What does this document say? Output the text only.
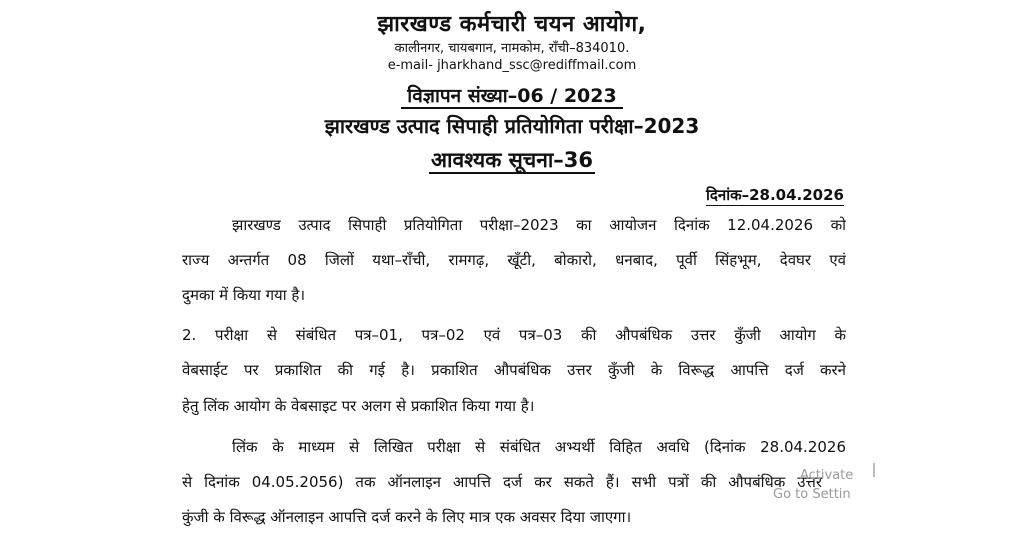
झारखण्ड कर्मचारी चयन आयोग,
कालीनगर, चायबगान, नामकोम, राँची–834010.
e-mail- jharkhand_ssc@rediffmail.com
विज्ञापन संख्या–06 / 2023
झारखण्ड उत्पाद सिपाही प्रतियोगिता परीक्षा–2023
आवश्यक सूचना–36
दिनांक–28.04.2026
झारखण्ड उत्पाद सिपाही प्रतियोगिता परीक्षा–2023 का आयोजन दिनांक 12.04.2026 को
राज्य अन्तर्गत 08 जिलों यथा–राँची, रामगढ़, खूँटी, बोकारो, धनबाद, पूर्वी सिंहभूम, देवघर एवं
दुमका में किया गया है।
2. परीक्षा से संबंधित पत्र–01, पत्र–02 एवं पत्र–03 की औपबंधिक उत्तर कुँजी आयोग के
वेबसाईट पर प्रकाशित की गई है। प्रकाशित औपबंधिक उत्तर कुँजी के विरूद्ध आपत्ति दर्ज करने
हेतु लिंक आयोग के वेबसाइट पर अलग से प्रकाशित किया गया है।
लिंक के माध्यम से लिखित परीक्षा से संबंधित अभ्यर्थी विहित अवधि (दिनांक 28.04.2026
से दिनांक 04.05.2056) तक ऑनलाइन आपत्ति दर्ज कर सकते हैं। सभी पत्रों की औपबंधिक उत्तर
कुंजी के विरूद्ध ऑनलाइन आपत्ति दर्ज करने के लिए मात्र एक अवसर दिया जाएगा।
Activate
Go to Settin
